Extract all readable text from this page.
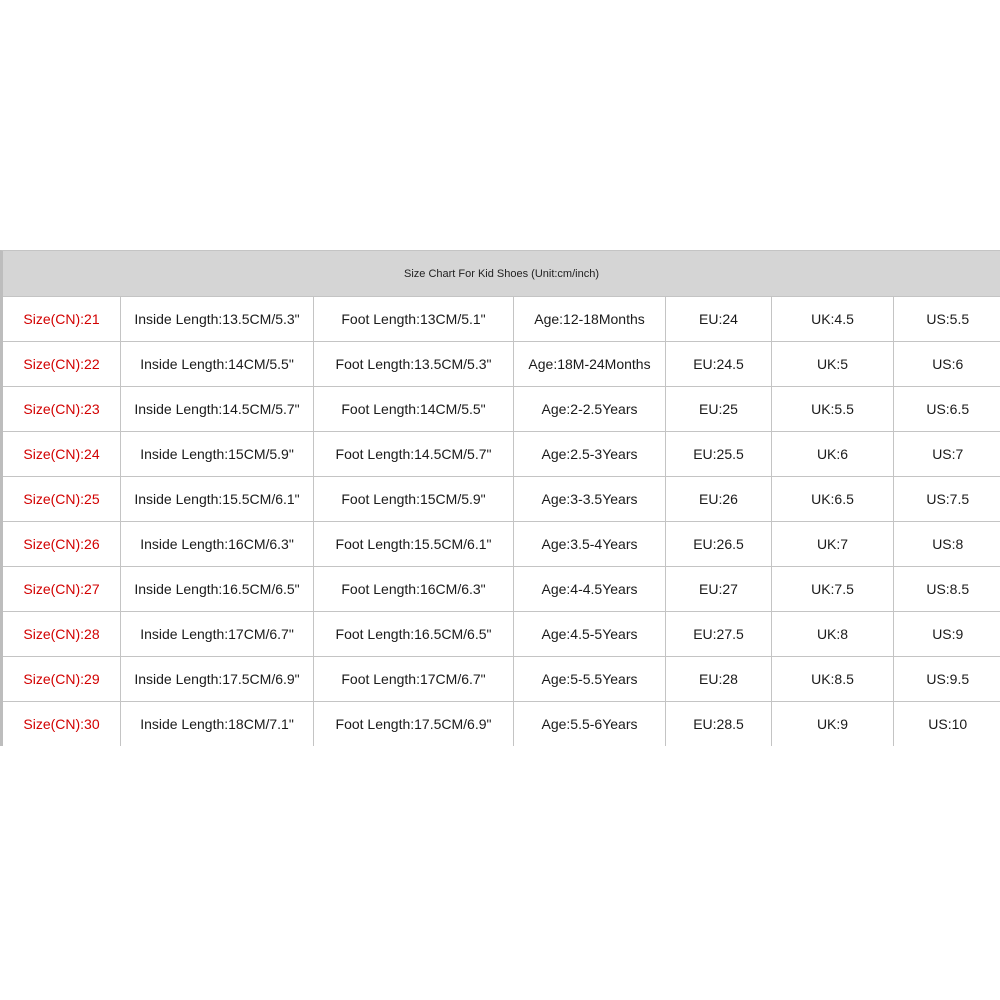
Size Chart For Kid Shoes (Unit:cm/inch)
Size(CN):21	Inside Length:13.5CM/5.3"	Foot Length:13CM/5.1"	Age:12-18Months	EU:24	UK:4.5	US:5.5
Size(CN):22	Inside Length:14CM/5.5"	Foot Length:13.5CM/5.3"	Age:18M-24Months	EU:24.5	UK:5	US:6
Size(CN):23	Inside Length:14.5CM/5.7"	Foot Length:14CM/5.5"	Age:2-2.5Years	EU:25	UK:5.5	US:6.5
Size(CN):24	Inside Length:15CM/5.9"	Foot Length:14.5CM/5.7"	Age:2.5-3Years	EU:25.5	UK:6	US:7
Size(CN):25	Inside Length:15.5CM/6.1"	Foot Length:15CM/5.9"	Age:3-3.5Years	EU:26	UK:6.5	US:7.5
Size(CN):26	Inside Length:16CM/6.3"	Foot Length:15.5CM/6.1"	Age:3.5-4Years	EU:26.5	UK:7	US:8
Size(CN):27	Inside Length:16.5CM/6.5"	Foot Length:16CM/6.3"	Age:4-4.5Years	EU:27	UK:7.5	US:8.5
Size(CN):28	Inside Length:17CM/6.7"	Foot Length:16.5CM/6.5"	Age:4.5-5Years	EU:27.5	UK:8	US:9
Size(CN):29	Inside Length:17.5CM/6.9"	Foot Length:17CM/6.7"	Age:5-5.5Years	EU:28	UK:8.5	US:9.5
Size(CN):30	Inside Length:18CM/7.1"	Foot Length:17.5CM/6.9"	Age:5.5-6Years	EU:28.5	UK:9	US:10
